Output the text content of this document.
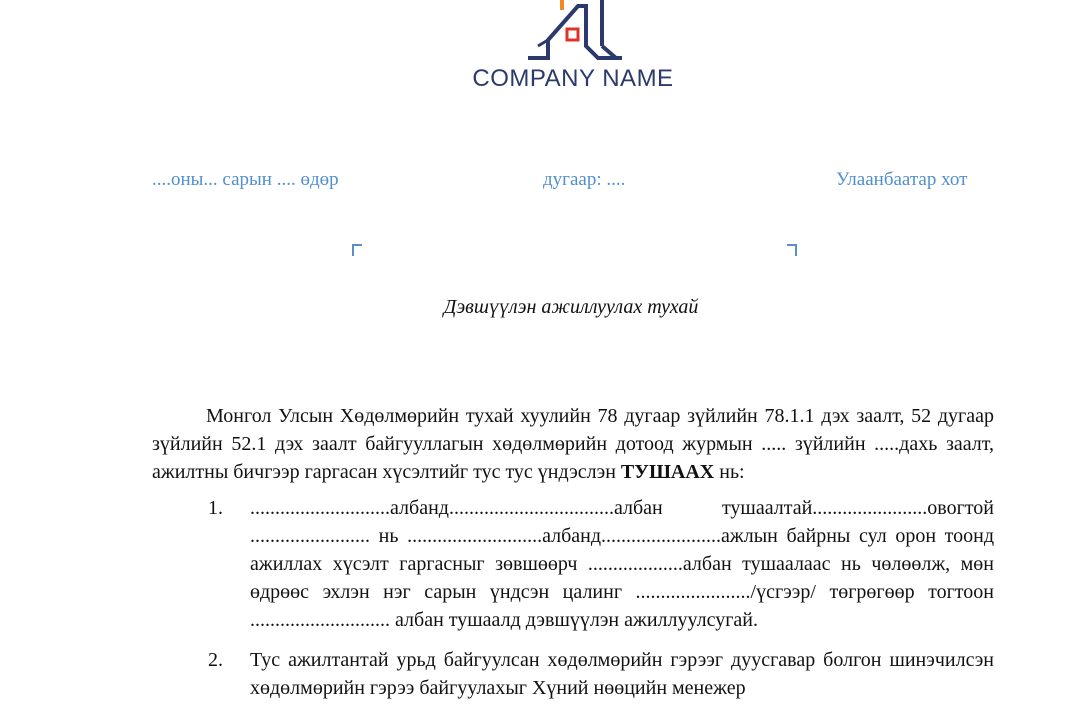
COMPANY NAME
....оны... сарын .... өдөр	дугаар: ....	Улаанбаатар хот
Дэвшүүлэн ажиллуулах тухай

Монгол Улсын Хөдөлмөрийн тухай хуулийн 78 дугаар зүйлийн 78.1.1 дэх заалт, 52 дугаар зүйлийн 52.1 дэх заалт байгууллагын хөдөлмөрийн дотоод журмын ..... зүйлийн .....дахь заалт, ажилтны бичгээр гаргасан хүсэлтийг тус тус үндэслэн ТУШААХ нь:

1. ............................албанд.................................албан тушаалтай.......................овогтой ........................ нь ...........................албанд........................ажлын байрны сул орон тоонд ажиллах хүсэлт гаргасныг зөвшөөрч ...................албан тушаалаас нь чөлөөлж, мөн өдрөөс эхлэн нэг сарын үндсэн цалинг ......................./үсгээр/ төгрөгөөр тогтоон ............................ албан тушаалд дэвшүүлэн ажиллуулсугай.
2. Тус ажилтантай урьд байгуулсан хөдөлмөрийн гэрээг дуусгавар болгон шинэчилсэн хөдөлмөрийн гэрээ байгуулахыг Хүний нөөцийн менежер
